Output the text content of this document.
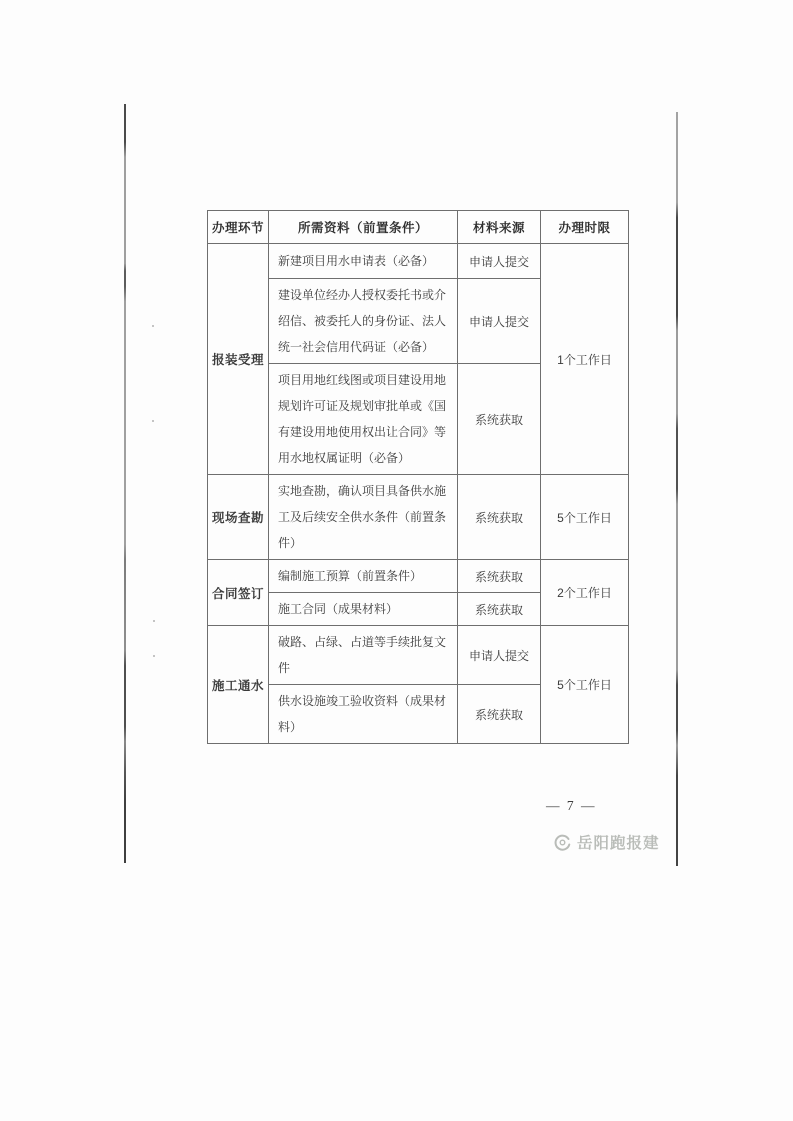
办理环节	所需资料（前置条件）	材料来源	办理时限
报装受理	新建项目用水申请表（必备）	申请人提交	1个工作日
	建设单位经办人授权委托书或介绍信、被委托人的身份证、法人统一社会信用代码证（必备）	申请人提交	
	项目用地红线图或项目建设用地规划许可证及规划审批单或《国有建设用地使用权出让合同》等用水地权属证明（必备）	系统获取	
现场查勘	实地查勘，确认项目具备供水施工及后续安全供水条件（前置条件）	系统获取	5个工作日
合同签订	编制施工预算（前置条件）	系统获取	2个工作日
	施工合同（成果材料）	系统获取	
施工通水	破路、占绿、占道等手续批复文件	申请人提交	5个工作日
	供水设施竣工验收资料（成果材料）	系统获取	
— 7 —
岳阳跑报建
